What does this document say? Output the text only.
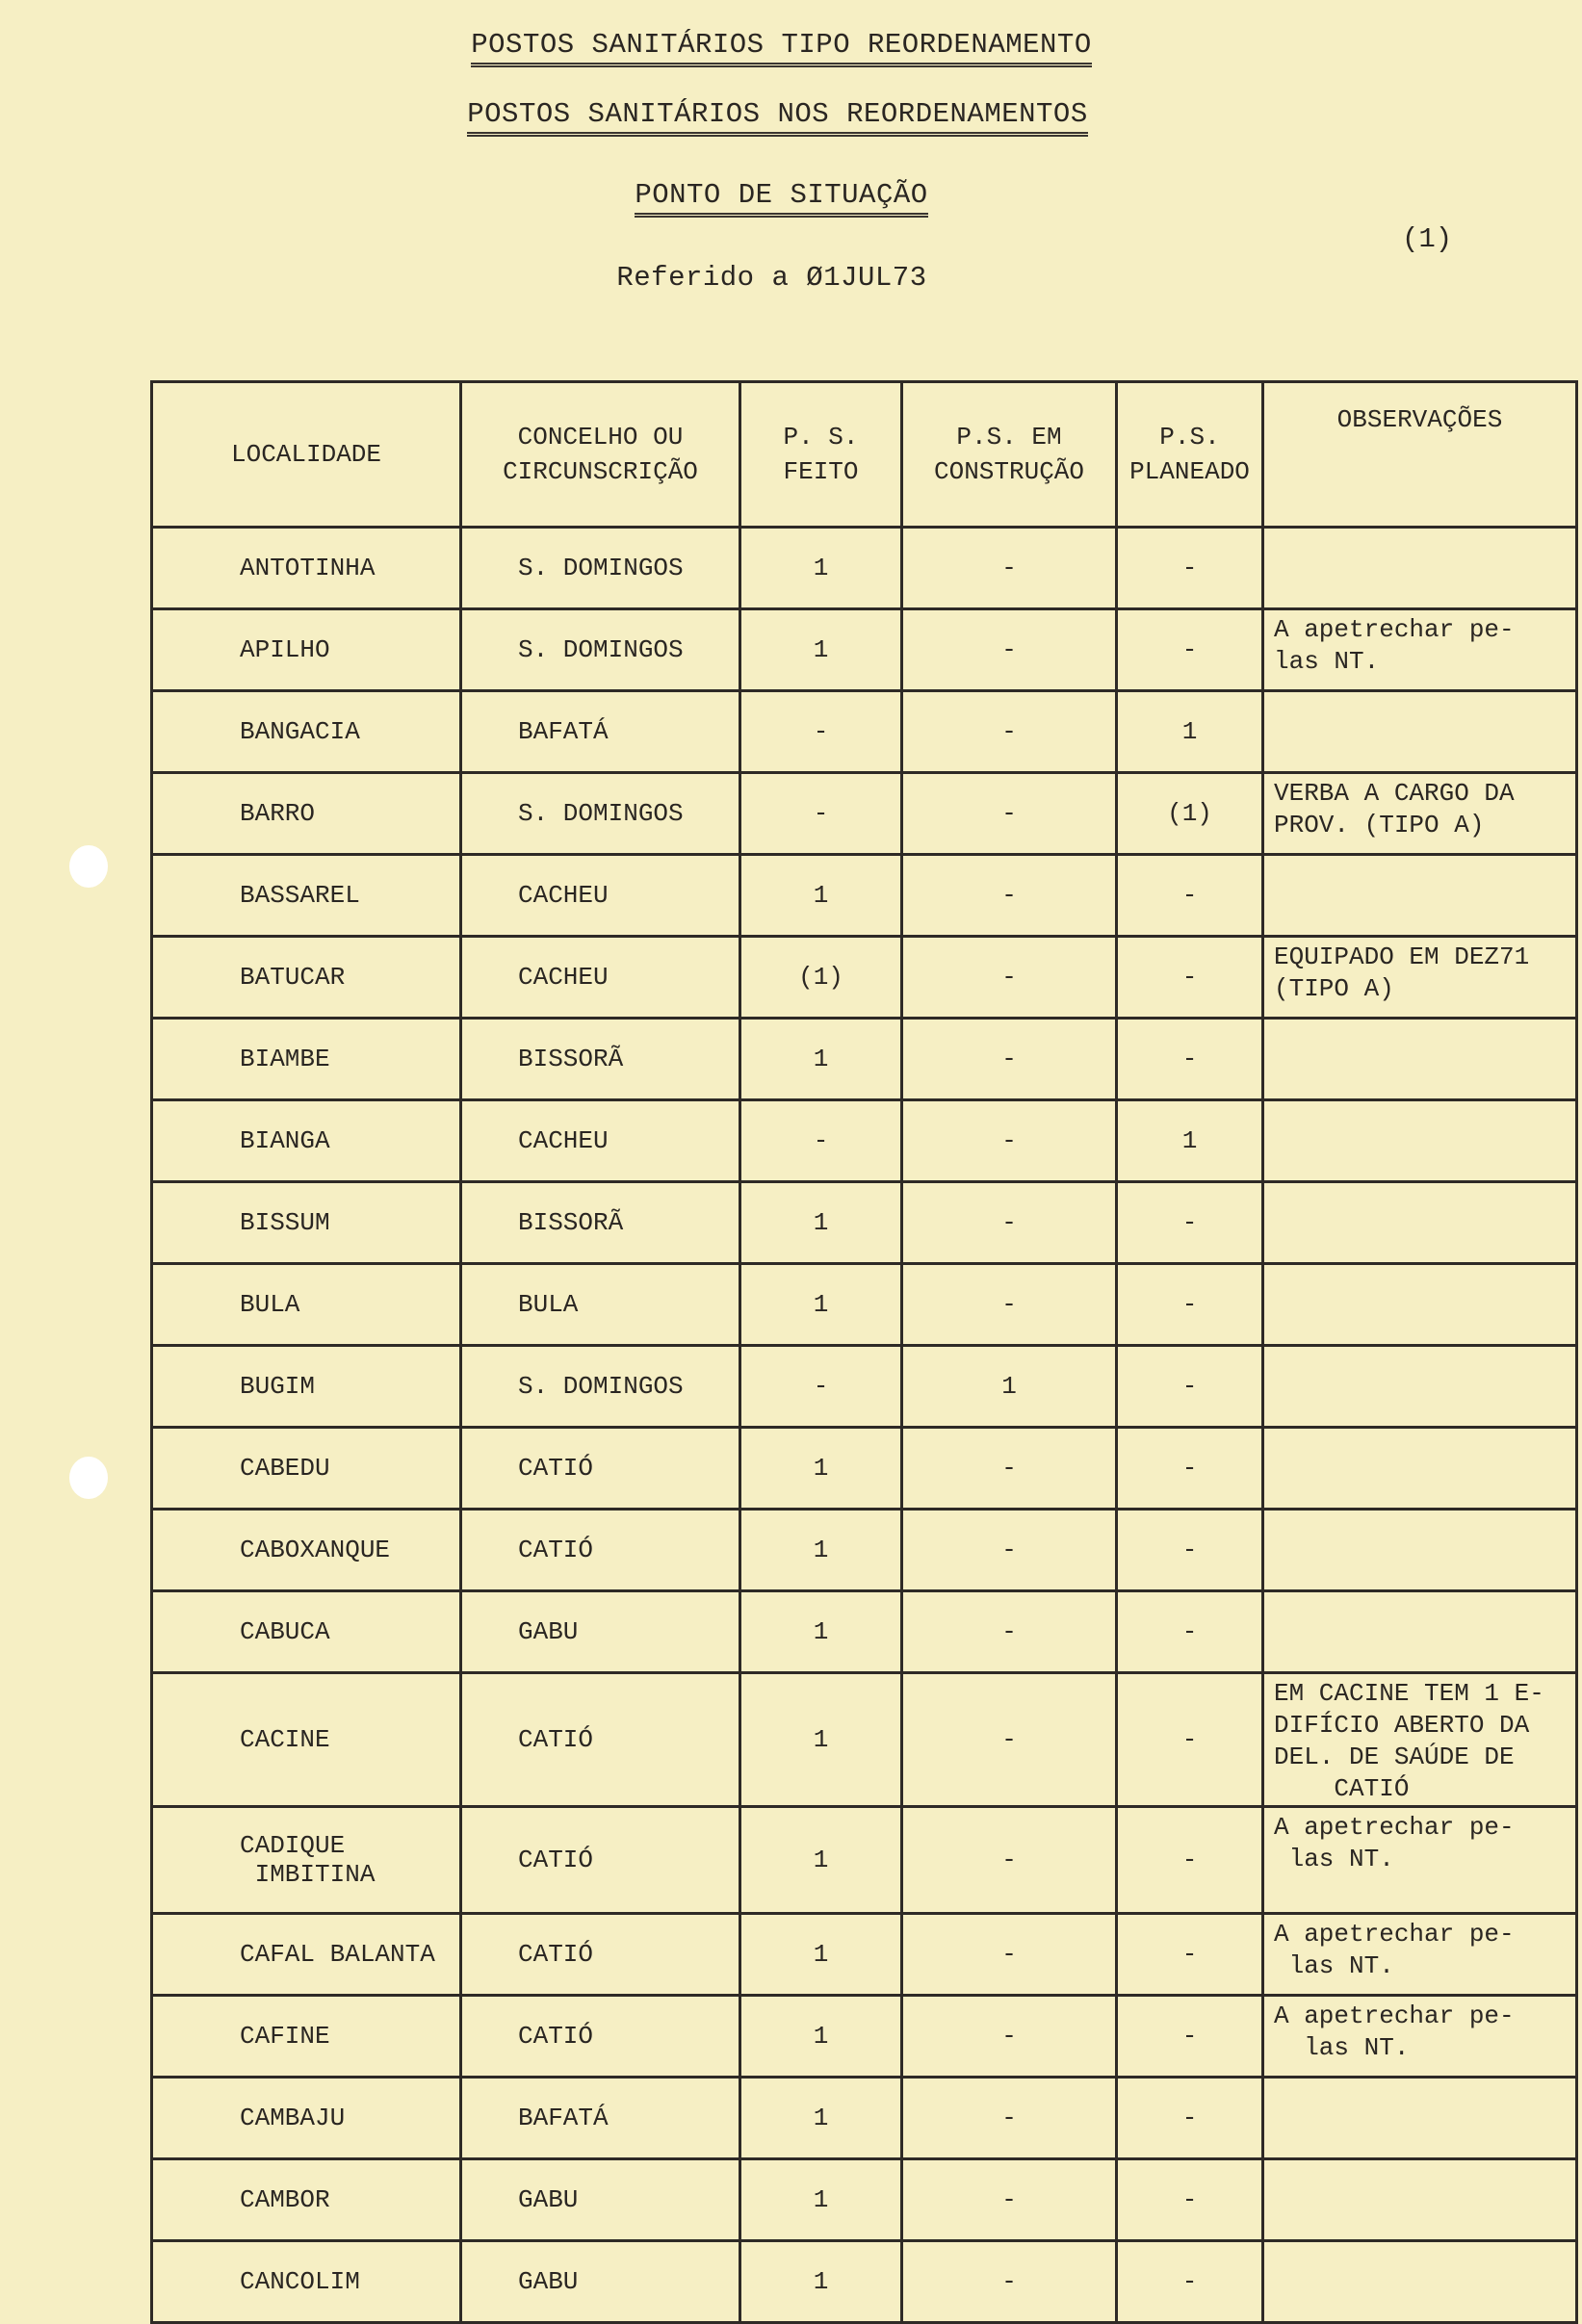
POSTOS SANITÁRIOS TIPO REORDENAMENTO
POSTOS SANITÁRIOS NOS REORDENAMENTOS
PONTO DE SITUAÇÃO
Referido a Ø1JUL73
(1)
LOCALIDADE	CONCELHO OU CIRCUNSCRIÇÃO	P. S. FEITO	P.S. EM CONSTRUÇÃO	P.S. PLANEADO	OBSERVAÇÕES
ANTOTINHA	S. DOMINGOS	1	-	-	
APILHO	S. DOMINGOS	1	-	-	A apetrechar pe-
las NT.
BANGACIA	BAFATÁ	-	-	1	
BARRO	S. DOMINGOS	-	-	(1)	VERBA A CARGO DA
PROV. (TIPO A)
BASSAREL	CACHEU	1	-	-	
BATUCAR	CACHEU	(1)	-	-	EQUIPADO EM DEZ71
(TIPO A)
BIAMBE	BISSORÃ	1	-	-	
BIANGA	CACHEU	-	-	1	
BISSUM	BISSORÃ	1	-	-	
BULA	BULA	1	-	-	
BUGIM	S. DOMINGOS	-	1	-	
CABEDU	CATIÓ	1	-	-	
CABOXANQUE	CATIÓ	1	-	-	
CABUCA	GABU	1	-	-	
CACINE	CATIÓ	1	-	-	EM CACINE TEM 1 E-
DIFÍCIO ABERTO DA
DEL. DE SAÚDE DE
CATIÓ
CADIQUE
IMBITINA	CATIÓ	1	-	-	A apetrechar pe-
las NT.
CAFAL BALANTA	CATIÓ	1	-	-	A apetrechar pe-
las NT.
CAFINE	CATIÓ	1	-	-	A apetrechar pe-
las NT.
CAMBAJU	BAFATÁ	1	-	-	
CAMBOR	GABU	1	-	-	
CANCOLIM	GABU	1	-	-	
